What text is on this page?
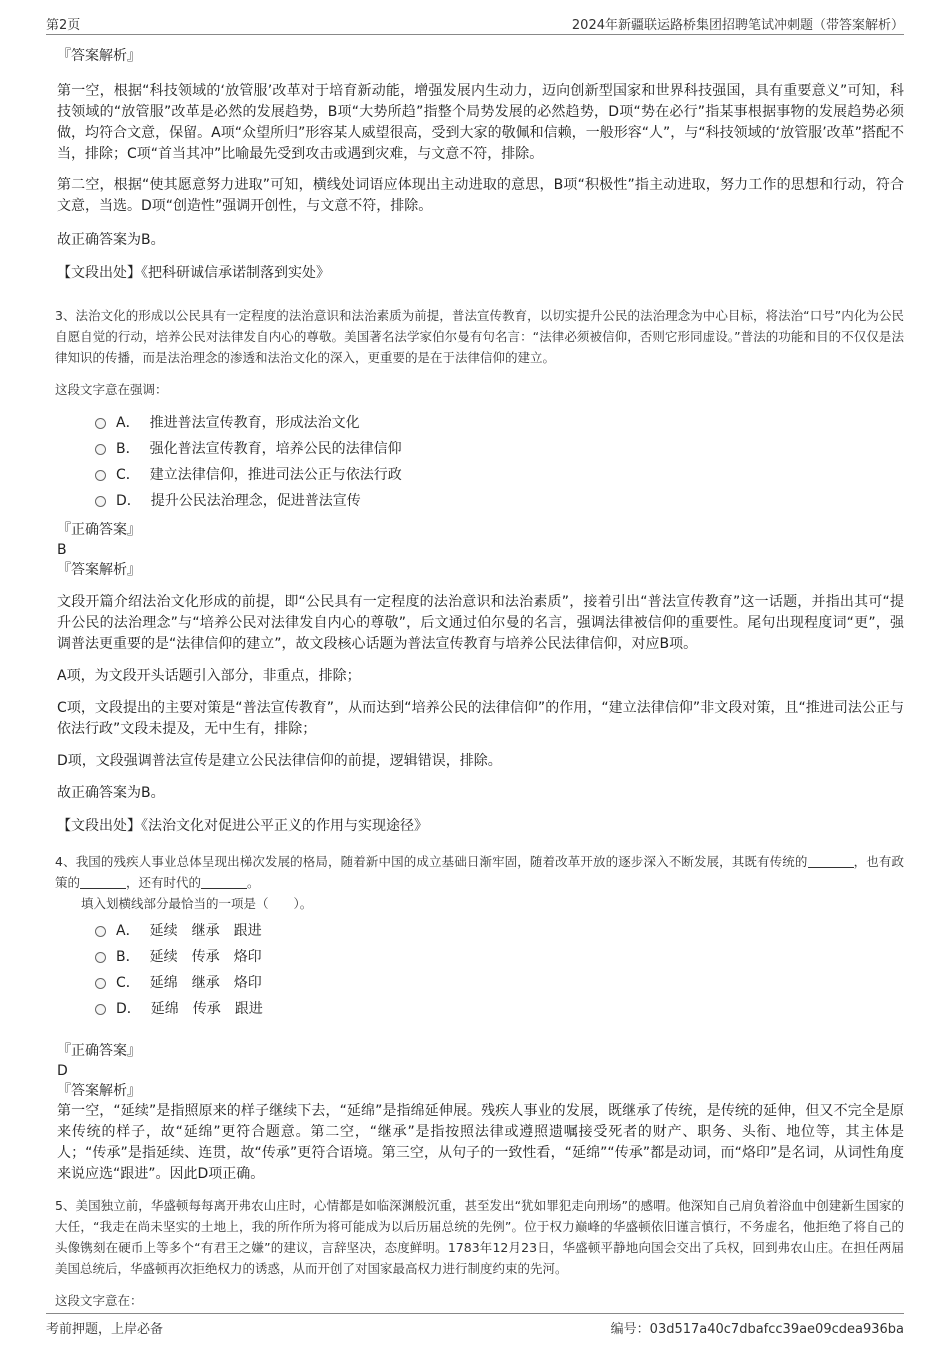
第2页	2024年新疆联运路桥集团招聘笔试冲刺题（带答案解析）
『答案解析』

第一空，根据“科技领域的‘放管服’改革对于培育新动能，增强发展内生动力，迈向创新型国家和世界科技强国，具有重要意义”可知，科技领域的“放管服”改革是必然的发展趋势，B项“大势所趋”指整个局势发展的必然趋势，D项“势在必行”指某事根据事物的发展趋势必须做，均符合文意，保留。A项“众望所归”形容某人威望很高，受到大家的敬佩和信赖，一般形容“人”，与“科技领域的‘放管服’改革”搭配不当，排除；C项“首当其冲”比喻最先受到攻击或遇到灾难，与文意不符，排除。

第二空，根据“使其愿意努力进取”可知，横线处词语应体现出主动进取的意思，B项“积极性”指主动进取，努力工作的思想和行动，符合文意，当选。D项“创造性”强调开创性，与文意不符，排除。

故正确答案为B。

【文段出处】《把科研诚信承诺制落到实处》

3、法治文化的形成以公民具有一定程度的法治意识和法治素质为前提，普法宣传教育，以切实提升公民的法治理念为中心目标，将法治“口号”内化为公民自愿自觉的行动，培养公民对法律发自内心的尊敬。美国著名法学家伯尔曼有句名言：“法律必须被信仰，否则它形同虚设。”普法的功能和目的不仅仅是法律知识的传播，而是法治理念的渗透和法治文化的深入，更重要的是在于法律信仰的建立。

这段文字意在强调：

A． 推进普法宣传教育，形成法治文化
B． 强化普法宣传教育，培养公民的法律信仰
C． 建立法律信仰，推进司法公正与依法行政
D． 提升公民法治理念，促进普法宣传
『正确答案』
B
『答案解析』

文段开篇介绍法治文化形成的前提，即“公民具有一定程度的法治意识和法治素质”，接着引出“普法宣传教育”这一话题，并指出其可“提升公民的法治理念”与“培养公民对法律发自内心的尊敬”，后文通过伯尔曼的名言，强调法律被信仰的重要性。尾句出现程度词“更”，强调普法更重要的是“法律信仰的建立”，故文段核心话题为普法宣传教育与培养公民法律信仰，对应B项。

A项，为文段开头话题引入部分，非重点，排除；

C项，文段提出的主要对策是“普法宣传教育”，从而达到“培养公民的法律信仰”的作用，“建立法律信仰”非文段对策，且“推进司法公正与依法行政”文段未提及，无中生有，排除；

D项，文段强调普法宣传是建立公民法律信仰的前提，逻辑错误，排除。

故正确答案为B。

【文段出处】《法治文化对促进公平正义的作用与实现途径》

4、我国的残疾人事业总体呈现出梯次发展的格局，随着新中国的成立基础日渐牢固，随着改革开放的逐步深入不断发展，其既有传统的	，也有政策的	，还有时代的	。

填入划横线部分最恰当的一项是（　　）。

A． 延续　继承　跟进
B． 延续　传承　烙印
C． 延绵　继承　烙印
D． 延绵　传承　跟进
『正确答案』
D
『答案解析』

第一空，“延续”是指照原来的样子继续下去，“延绵”是指绵延伸展。残疾人事业的发展，既继承了传统，是传统的延伸，但又不完全是原来传统的样子，故“延绵”更符合题意。第二空，“继承”是指按照法律或遵照遗嘱接受死者的财产、职务、头衔、地位等，其主体是人；“传承”是指延续、连贯，故“传承”更符合语境。第三空，从句子的一致性看，“延绵”“传承”都是动词，而“烙印”是名词，从词性角度来说应选“跟进”。因此D项正确。

5、美国独立前，华盛顿每每离开弗农山庄时，心情都是如临深渊般沉重，甚至发出“犹如罪犯走向刑场”的感喟。他深知自己肩负着浴血中创建新生国家的大任，“我走在尚未坚实的土地上，我的所作所为将可能成为以后历届总统的先例”。位于权力巅峰的华盛顿依旧谨言慎行，不务虚名，他拒绝了将自己的头像镌刻在硬币上等多个“有君王之嫌”的建议，言辞坚决，态度鲜明。1783年12月23日，华盛顿平静地向国会交出了兵权，回到弗农山庄。在担任两届美国总统后，华盛顿再次拒绝权力的诱惑，从而开创了对国家最高权力进行制度约束的先河。

这段文字意在：

考前押题，上岸必备	编号：03d517a40c7dbafcc39ae09cdea936ba
